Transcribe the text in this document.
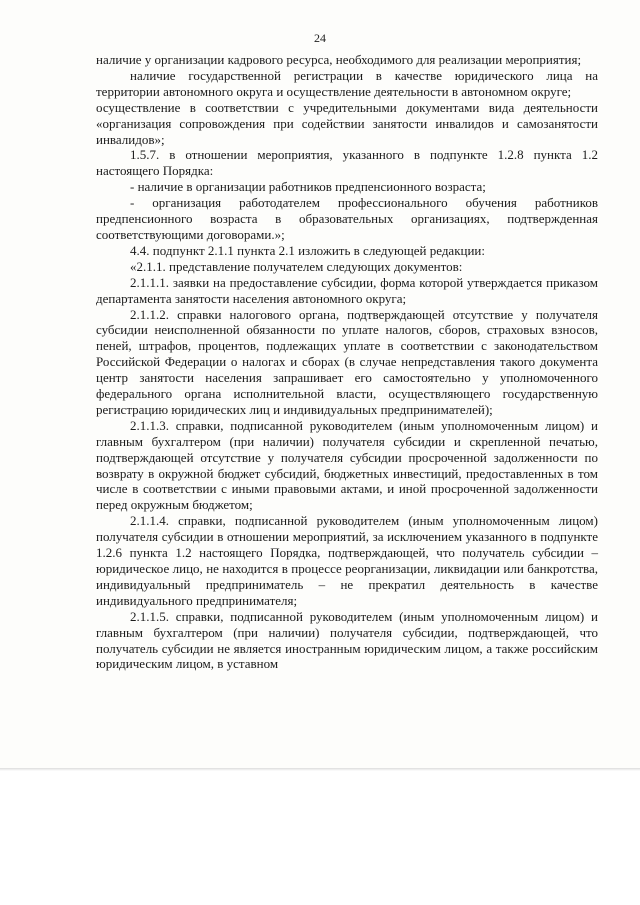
24

наличие у организации кадрового ресурса, необходимого для реализации мероприятия;

наличие государственной регистрации в качестве юридического лица на территории автономного округа и осуществление деятельности в автономном округе;

осуществление в соответствии с учредительными документами вида деятельности «организация сопровождения при содействии занятости инвалидов и самозанятости инвалидов»;

1.5.7. в отношении мероприятия, указанного в подпункте 1.2.8 пункта 1.2 настоящего Порядка:

- наличие в организации работников предпенсионного возраста;

- организация работодателем профессионального обучения работников предпенсионного возраста в образовательных организациях, подтвержденная соответствующими договорами.»;

4.4. подпункт 2.1.1 пункта 2.1 изложить в следующей редакции:

«2.1.1. представление получателем следующих документов:

2.1.1.1. заявки на предоставление субсидии, форма которой утверждается приказом департамента занятости населения автономного округа;

2.1.1.2. справки налогового органа, подтверждающей отсутствие у получателя субсидии неисполненной обязанности по уплате налогов, сборов, страховых взносов, пеней, штрафов, процентов, подлежащих уплате в соответствии с законодательством Российской Федерации о налогах и сборах (в случае непредставления такого документа центр занятости населения запрашивает его самостоятельно у уполномоченного федерального органа исполнительной власти, осуществляющего государственную регистрацию юридических лиц и индивидуальных предпринимателей);

2.1.1.3. справки, подписанной руководителем (иным уполномоченным лицом) и главным бухгалтером (при наличии) получателя субсидии и скрепленной печатью, подтверждающей отсутствие у получателя субсидии просроченной задолженности по возврату в окружной бюджет субсидий, бюджетных инвестиций, предоставленных в том числе в соответствии с иными правовыми актами, и иной просроченной задолженности перед окружным бюджетом;

2.1.1.4. справки, подписанной руководителем (иным уполномоченным лицом) получателя субсидии в отношении мероприятий, за исключением указанного в подпункте 1.2.6 пункта 1.2 настоящего Порядка, подтверждающей, что получатель субсидии – юридическое лицо, не находится в процессе реорганизации, ликвидации или банкротства, индивидуальный предприниматель – не прекратил деятельность в качестве индивидуального предпринимателя;

2.1.1.5. справки, подписанной руководителем (иным уполномоченным лицом) и главным бухгалтером (при наличии) получателя субсидии, подтверждающей, что получатель субсидии не является иностранным юридическим лицом, а также российским юридическим лицом, в уставном
